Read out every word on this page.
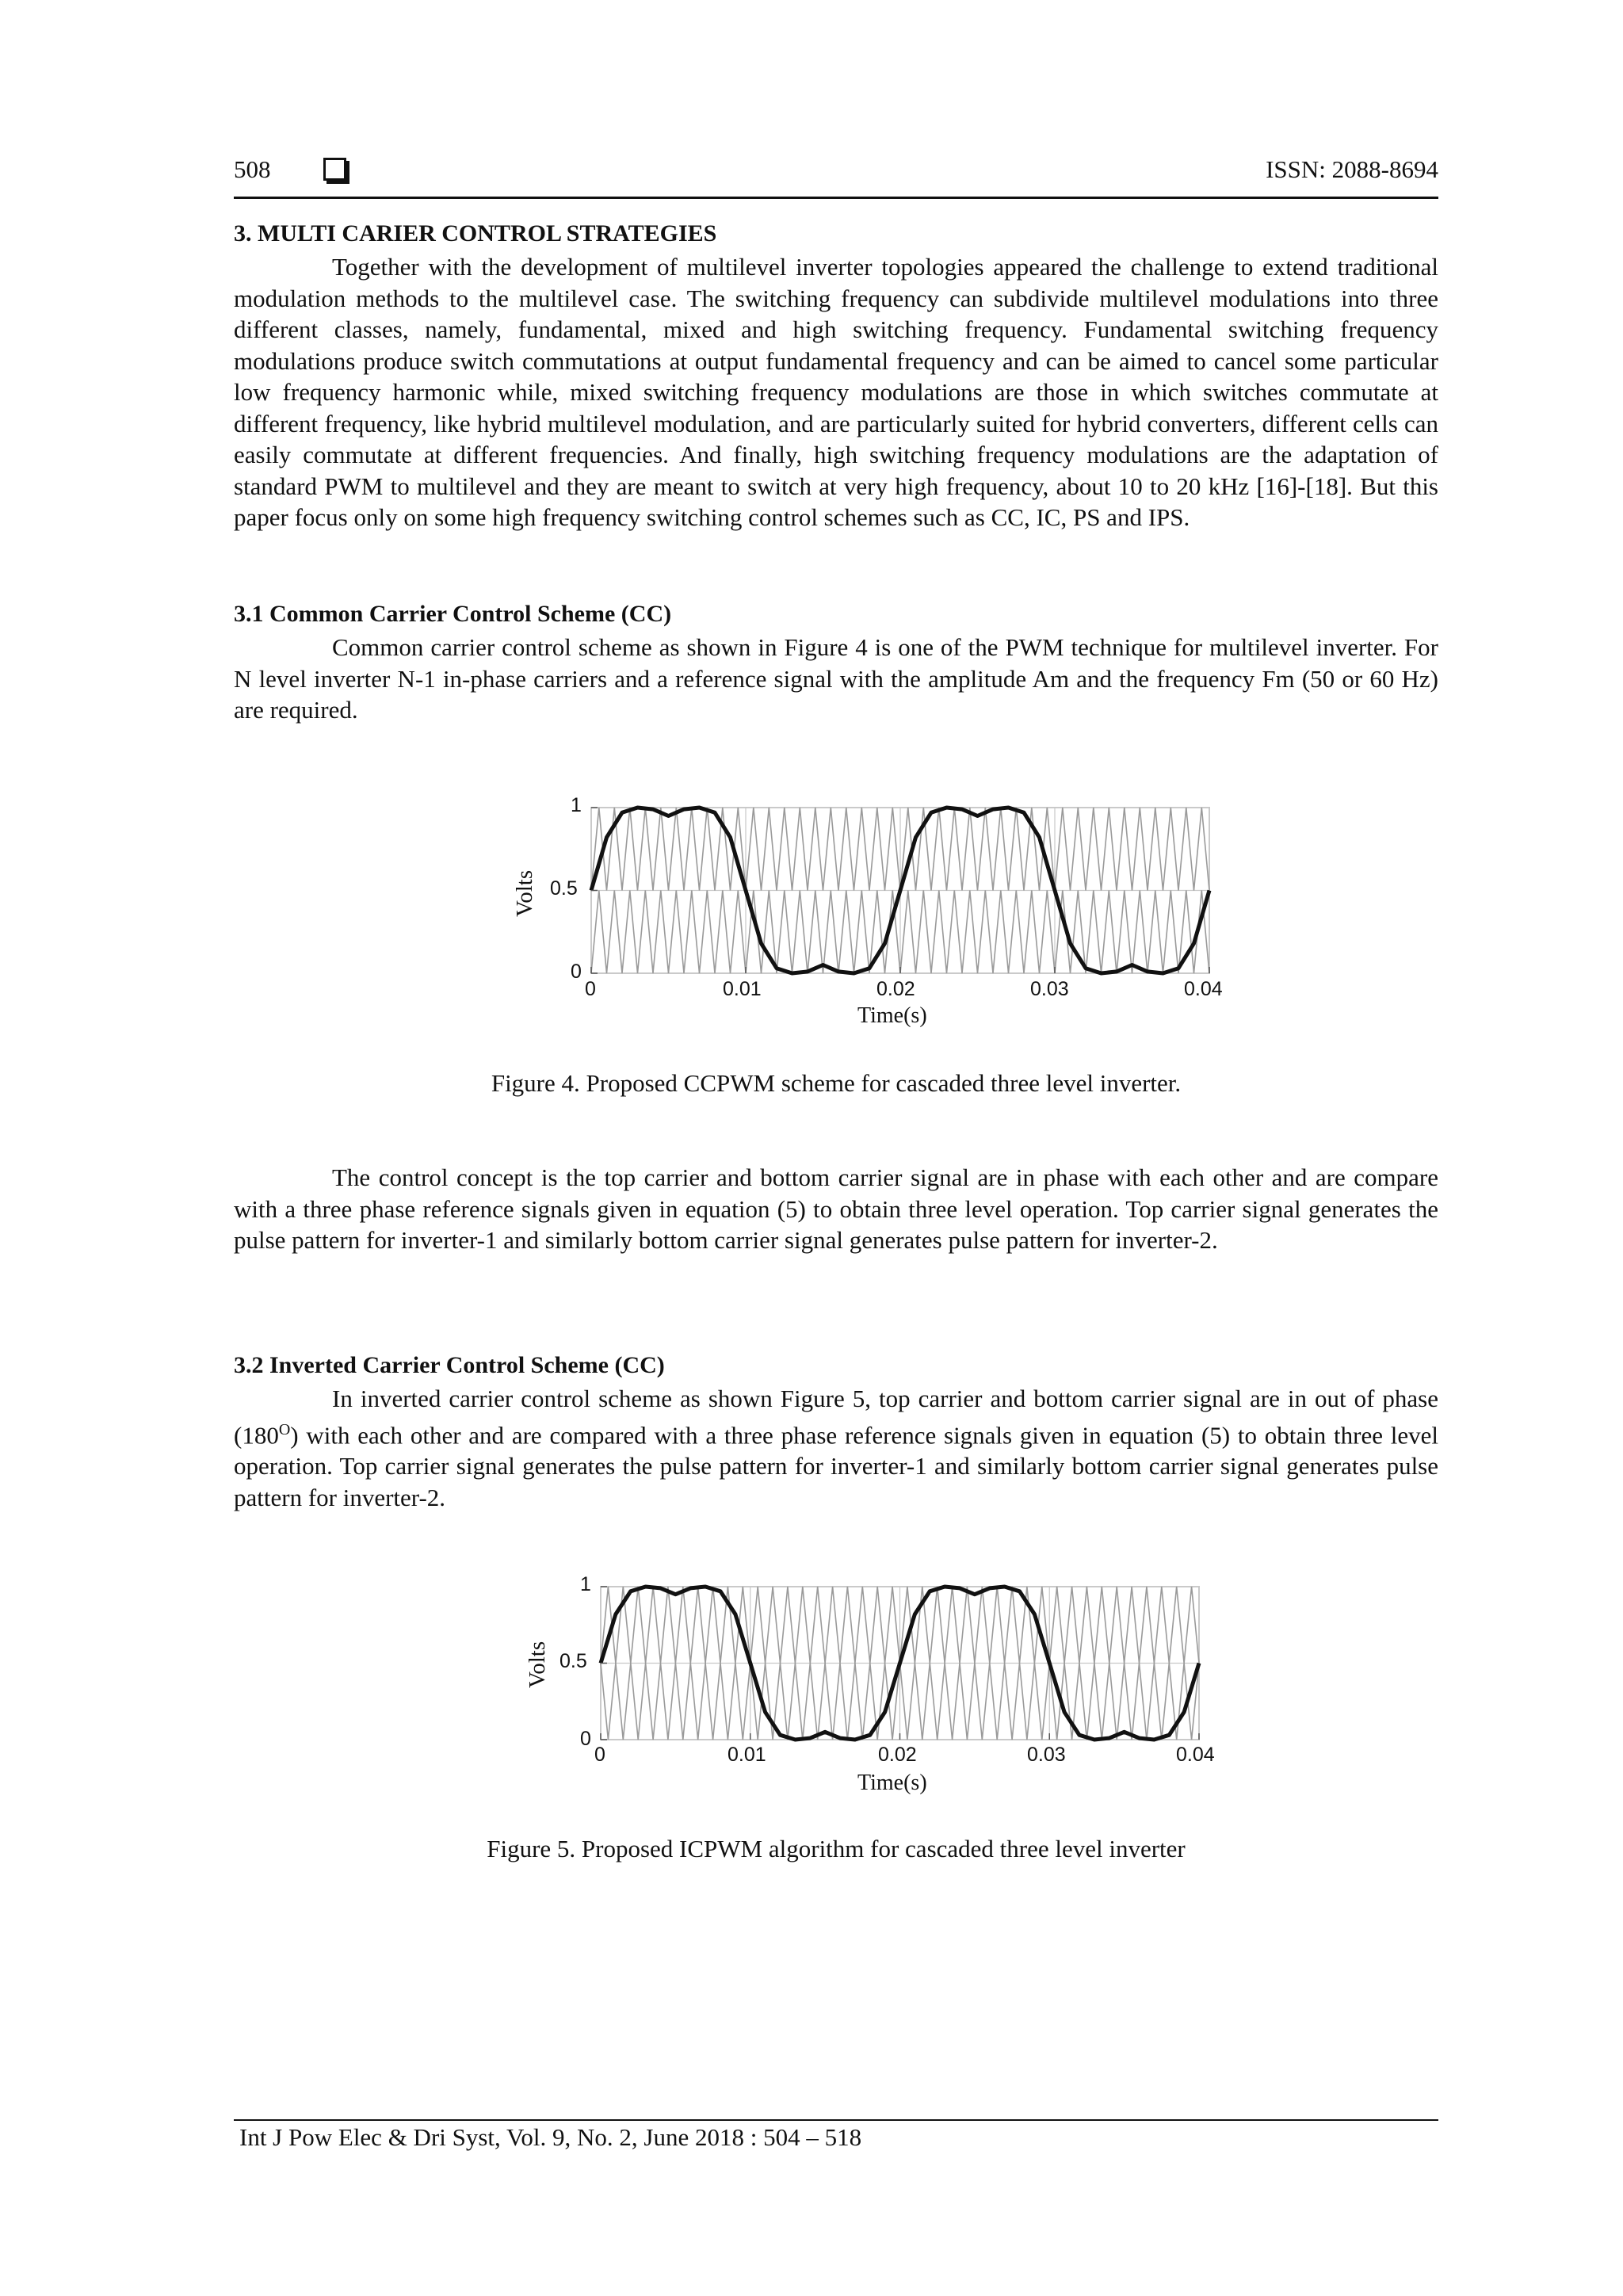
508	ISSN: 2088-8694
3. MULTI CARIER CONTROL STRATEGIES

Together with the development of multilevel inverter topologies appeared the challenge to extend traditional modulation methods to the multilevel case. The switching frequency can subdivide multilevel modulations into three different classes, namely, fundamental, mixed and high switching frequency. Fundamental switching frequency modulations produce switch commutations at output fundamental frequency and can be aimed to cancel some particular low frequency harmonic while, mixed switching frequency modulations are those in which switches commutate at different frequency, like hybrid multilevel modulation, and are particularly suited for hybrid converters, different cells can easily commutate at different frequencies. And finally, high switching frequency modulations are the adaptation of standard PWM to multilevel and they are meant to switch at very high frequency, about 10 to 20 kHz [16]-[18]. But this paper focus only on some high frequency switching control schemes such as CC, IC, PS and IPS.

3.1 Common Carrier Control Scheme (CC)

Common carrier control scheme as shown in Figure 4 is one of the PWM technique for multilevel inverter. For N level inverter N-1 in-phase carriers and a reference signal with the amplitude Am and the frequency Fm (50 or 60 Hz) are required.

Volts
Time(s)
1
0.5
0
0	0.01	0.02	0.03	0.04
Figure 4. Proposed CCPWM scheme for cascaded three level inverter.

The control concept is the top carrier and bottom carrier signal are in phase with each other and are compare with a three phase reference signals given in equation (5) to obtain three level operation. Top carrier signal generates the pulse pattern for inverter-1 and similarly bottom carrier signal generates pulse pattern for inverter-2.

3.2 Inverted Carrier Control Scheme (CC)

In inverted carrier control scheme as shown Figure 5, top carrier and bottom carrier signal are in out of phase $(180^O)$ with each other and are compared with a three phase reference signals given in equation (5) to obtain three level operation. Top carrier signal generates the pulse pattern for inverter-1 and similarly bottom carrier signal generates pulse pattern for inverter-2.

Volts
Time(s)
1
0.5
0
0	0.01	0.02	0.03	0.04
Figure 5. Proposed ICPWM algorithm for cascaded three level inverter
Int J Pow Elec & Dri Syst, Vol. 9, No. 2, June 2018 : 504 – 518
